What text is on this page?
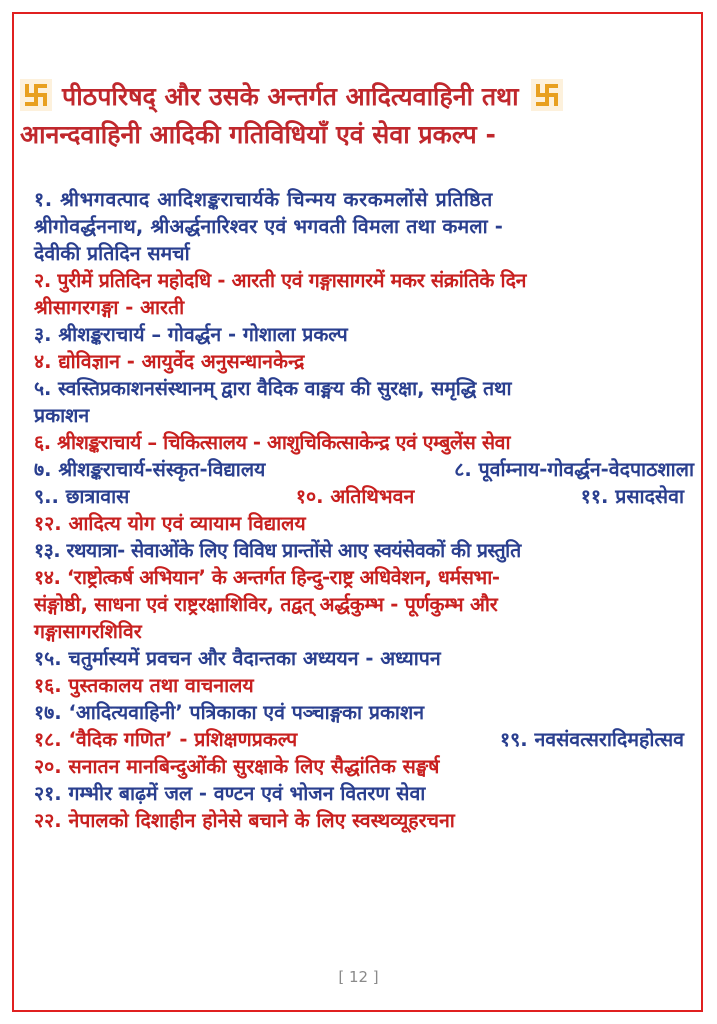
पीठपरिषद् और उसके अन्तर्गत आदित्यवाहिनी तथा
आनन्दवाहिनी आदिकी गतिविधियाँ एवं सेवा प्रकल्प -
१. श्रीभगवत्पाद आदिशङ्कराचार्यके चिन्मय करकमलोंसे प्रतिष्ठित
श्रीगोवर्द्धननाथ, श्रीअर्द्धनारिश्वर एवं भगवती विमला तथा कमला -
देवीकी प्रतिदिन समर्चा
२. पुरीमें प्रतिदिन महोदधि - आरती एवं गङ्गासागरमें मकर संक्रांतिके दिन
श्रीसागरगङ्गा - आरती
३. श्रीशङ्कराचार्य – गोवर्द्धन - गोशाला प्रकल्प
४. द्योविज्ञान - आयुर्वेद अनुसन्धानकेन्द्र
५. स्वस्तिप्रकाशनसंस्थानम् द्वारा वैदिक वाङ्मय की सुरक्षा, समृद्धि तथा
प्रकाशन
६. श्रीशङ्कराचार्य – चिकित्सालय - आशुचिकित्साकेन्द्र एवं एम्बुलेंस सेवा
७. श्रीशङ्कराचार्य-संस्कृत-विद्यालय	८. पूर्वाम्नाय-गोवर्द्धन-वेदपाठशाला
९.. छात्रावास	१०. अतिथिभवन	११. प्रसादसेवा
१२. आदित्य योग एवं व्यायाम विद्यालय
१३. रथयात्रा- सेवाओंके लिए विविध प्रान्तोंसे आए स्वयंसेवकों की प्रस्तुति
१४. ‘राष्ट्रोत्कर्ष अभियान’ के अन्तर्गत हिन्दु-राष्ट्र अधिवेशन, धर्मसभा-
संङ्गोष्ठी, साधना एवं राष्ट्ररक्षाशिविर, तद्वत् अर्द्धकुम्भ - पूर्णकुम्भ और
गङ्गासागरशिविर
१५. चतुर्मास्यमें प्रवचन और वैदान्तका अध्ययन - अध्यापन
१६. पुस्तकालय तथा वाचनालय
१७. ‘आदित्यवाहिनी’ पत्रिकाका एवं पञ्चाङ्गका प्रकाशन
१८. ‘वैदिक गणित’ - प्रशिक्षणप्रकल्प	१९. नवसंवत्सरादिमहोत्सव
२०. सनातन मानबिन्दुओंकी सुरक्षाके लिए सैद्धांतिक सङ्घर्ष
२१. गम्भीर बाढ़में जल - वण्टन एवं भोजन वितरण सेवा
२२. नेपालको दिशाहीन होनेसे बचाने के लिए स्वस्थव्यूहरचना
[ 12 ]
